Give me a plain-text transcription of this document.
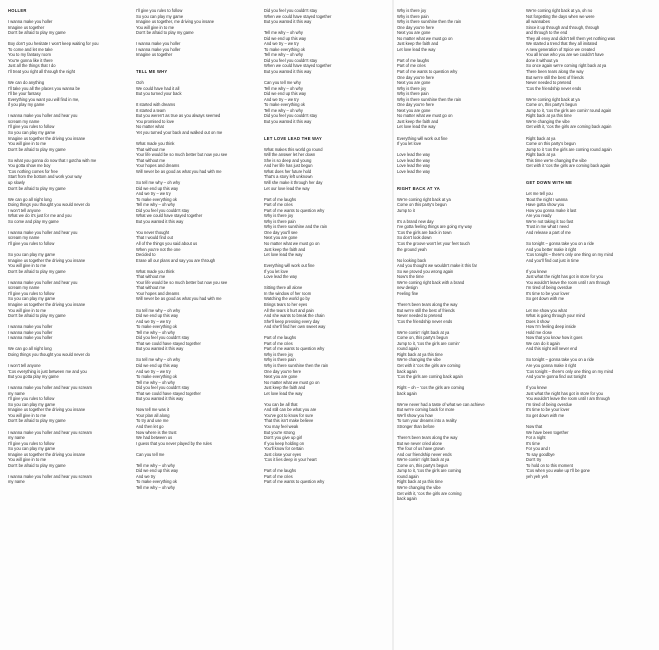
HOLLER
I wanna make you holler
Imagine us together
Don't be afraid to play my game
Boy don't you hesitate I won't keep waiting for you
To come and let me take
You to my fantasy room
You're gonna like it there
Just all the things that I do
I'll treat you right all through the night
We can do anything
I'll take you all the places you wanna be
I'll be your fantasy
Everything you want you will find in me,
if you play my game
I wanna make you holler and hear you
scream my name
I'll give you rules to follow
So you can play my game
Imagine us together the driving you insane
You will give in to me
Don't be afraid to play my game
So what you gonna do now that I gotcha with me
You gotta show me boy
'Cos nothing comes for free
Start from the bottom and work your way
up slowly
Don't be afraid to play my game
We can go all night long
Doing things you thought you would never do
I won't tell anyone
What we do it's just for me and you
So come and play my game
I wanna make you holler and hear you
scream my name
I'll give you rules to follow
So you can play my game
Imagine us together the driving you insane
You will give in to me
Don't be afraid to play my game
I wanna make you holler and hear you
scream my name
I'll give you rules to follow
So you can play my game
Imagine us together the driving you insane
You will give in to me
Don't be afraid to play my game
I wanna make you holler
I wanna make you holler
I wanna make you holler
We can go all night long
Doing things you thought you would never do
I won't tell anyone
'Cos everything is just between me and you
But you gotta play my game
I wanna make you holler and hear you scream
my name
I'll give you rules to follow
So you can play my game
Imagine us together the driving you insane
You will give in to me
Don't be afraid to play my game
I wanna make you holler and hear you scream
my name
I'll give you rules to follow
So you can play my game
Imagine us together the driving you insane
You will give in to me
Don't be afraid to play my game
I wanna make you holler and hear you scream
my name
I'll give you rules to follow
So you can play my game
Imagine us together, me driving you insane
You will give in to me
Don't be afraid to play my game
I wanna make you holler
I wanna make you holler
Imagine us together
TELL ME WHY
Ooh
We could have had it all
But you turned your back
It started with dreams
It started a team
But you weren't as true as you always seemed
You promised to love
No matter what
Yet you turned your back and walked out on me
What made you think
That without me
Your life would be so much better but now you see
That without me
Your hopes and dreams
Will never be as good as what you had with me
So tell me why – oh why
Did we end up this way
And we try – we try
To make everything ok
Tell me why – oh why
Did you feel you couldn't stay
What we could have stayed together
But you wanted it this way
You never thought
That I would find out
All of the things you said about us
When you're not the one
Decided to
Erase all our plans and say you are through
What made you think
That without me
Your life would be so much better but now you see
That without me
Your hopes and dreams
Will never be as good as what you had with me
So tell me why – oh why
Did we end up this way
And we try – we try
To make everything ok
Tell me why – oh why
Did you feel you couldn't stay
That we could have stayed together
But you wanted it this way
So tell me why – oh why
Did we end up this way
And we try – we try
To make everything ok
Tell me why – oh why
Did you feel you couldn't stay
That we could have stayed together
But you wanted it this way
Now tell me was it
Your plan all along
To try and use me
And then let go
Now where is the trust
We had between us
I guess that you never played by the rules
Can you tell me
Tell me why – oh why
Did we end up this way
And we try
To make everything ok
Tell me why – oh why
Did you feel you couldn't stay
When we could have stayed together
But you wanted it this way
Tell me why – oh why
Did we end up this way
And we try – we try
To make everything ok
Tell me why – oh why
Did you feel you couldn't stay
When we could have stayed together
But you wanted it this way
Can you tell me why
Tell me why – oh why
Did we end up this way
And we try – we try
To make everything ok
Tell me why – oh why
Did you feel you couldn't stay
But you wanted it this way
LET LOVE LEAD THE WAY
What makes this world go round
Will the answer let her down
She is so deep and young
And her life has just begun
What does her future hold
That's a story left unknown
Will she make it through her day
Let our love lead the way
Part of me laughs
Part of me cries
Part of me wants to question why
Why is there joy
Why is there pain
Why is there sunshine and the rain
One day you'll see
Next you are gone
No matter what we must go on
Just keep the faith and
Let love lead the way
Everything will work out fine
If you let love
Love lead the way
Sitting there all alone
In the window of her room
Watching the world go by
Brings tears to her eyes
All the tears it hurt and pain
And she wants to break the chain
She'll keep pressing every day
And she'll find her own sweet way
Part of me laughs
Part of me cries
Part of me wants to question why
Why is there joy
Why is there pain
Why is there sunshine then the rain
One day you're here
Next you are gone
No matter what we must go on
Just keep the faith and
Let love lead the way
You can be all that
And still can be what you are
You've got to know for sure
That this isn't make believe
You may feel weak
But you're strong
Don't you give up girl
If you keep holding on
You'll know for certain
Just close your eyes
'Cos it lies deep in your heart
Part of me laughs
Part of me cries
Part of me wants to question why
Why is there joy
Why is there pain
Why is there sunshine then the rain
One day you're here
Next you are gone
No matter what we must go on
Just keep the faith and
Let love lead the way
Part of me laughs
Part of me cries
Part of me wants to question why
One day you're here
Next you are gone
Why is there joy
Why is there pain
Why is there sunshine then the rain
One day you're here
Next you are gone
No matter what we must go on
Just keep the faith and
Let love lead the way
Everything will work out fine
If you let love
Love lead the way
Love lead the way
Love lead the way
Love lead the way
RIGHT BACK AT YA
We're coming right back at ya
Come on this party's begun
Jump to it
It's a brand new day
I've gotta feeling things are going my way
'Cos the girls are back in town
So don't look down
'Cos the groove won't let your feet touch
the ground yeah
No looking back
And you thought we wouldn't make it this far
So we proved you wrong again
Now's the time
We're coming right back with a brand
new design
Feeling fine
There's been tears along the way
But we're still the best of friends
Never needed to pretend
'Cos the friendship never ends
We're comin' right back at ya
Come on, this party's begun
Jump to it, 'cos the girls are comin'
round again
Right back at ya this time
We're changing the vibe
Get with it 'cos the girls are coming
back again
'Cos the girls are coming back again
Right – oh – 'cos the girls are coming
back again
We've never had a taste of what we can achieve
But we're coming back for more
We'll show you how
To turn your dreams into a reality
Stronger than before
There's been tears along the way
But we never cried alone
The four of us have grown
And our friendship never ends
We're comin' right back at ya
Come on, this party's begun
Jump to it, 'cos the girls are coming
round again
Right back at ya this time
We're changing the vibe
Get with it, 'cos the girls are coming
back again
We're coming right back at ya, oh no
Not forgetting the days when we were
all wannabes
Since it up through and through, through
and through to the end
They all envy and didn't tell them yet nothing was
We started a trend that they all imitated
A new generation of Spice we created
You all know who you are we couldn't have
done it without ya
So once again we're coming right back at ya
There been tears along the way
But we're still the best of friends
Never needed to pretend
'Cos the friendship never ends
We're coming right back at ya
Come on, this party's begun
Jump to it, 'cos the girls are comin' round again
Right back at ya this time
We're changing the vibe
Get with it, 'cos the girls are coming back again
Right back at ya
Come on this party's begun
Jump to it 'cos the girls are coming round again
Right back at ya
This time we're changing the vibe
Get with it 'cos the girls are coming back again
GET DOWN WITH ME
Let me tell you
'Bout the night I wanna
Have gotta show you
How you gonna make it last
Are you ready
We're not taking it too fast
Trust in me what I need
And release a part of me
So tonight – gonna take you on a ride
And you better make it right
'Cos tonight – there's only one thing on my mind
And you'll find out just in time
If you knew
Just what the night has got in store for you
You wouldn't leave the room until I am through
I'm tired of being overdue
It's time to be your lover
So get down with me
Let me show you what
What is going through your mind
Does it show
How I'm feeling deep inside
Hold me close
Now that you know how it goes
We can do it again
And this night will never end
So tonight – gonna take you on a ride
Are you gonna make it right
'Cos tonight – there's only one thing on my mind
And you're gonna find out tonight
If you knew
Just what the night has got in store for you
You wouldn't leave the room until I am through
I'm tired of being overdue
It's time to be your lover
So get down with me
Now that
We have been together
For a night
It's time
For you and I
To say goodbye
Don't try
To hold on to this moment
'Cos when you wake up I'll be gone
yeh yeh yeh
